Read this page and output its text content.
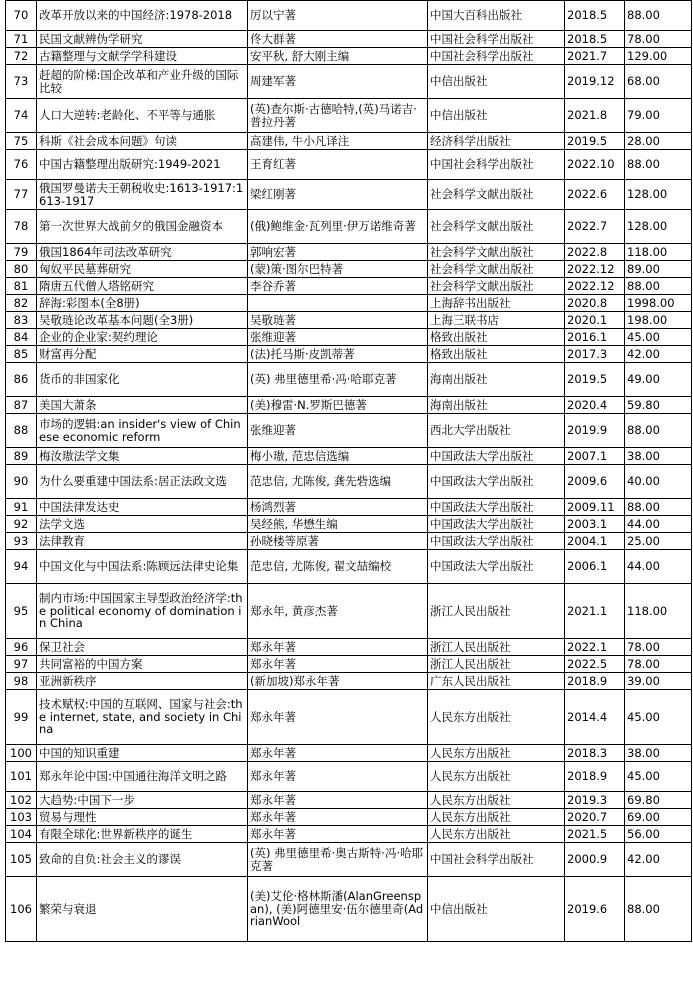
70	改革开放以来的中国经济:1978-2018	厉以宁著	中国大百科出版社	2018.5	88.00
71	民国文献辨伪学研究	佟大群著	中国社会科学出版社	2018.5	78.00
72	古籍整理与文献学学科建设	安平秋, 舒大刚主编	中国社会科学出版社	2021.7	129.00
73	赶超的阶梯:国企改革和产业升级的国际比较	周建军著	中信出版社	2019.12	68.00
74	人口大逆转:老龄化、不平等与通胀	(英)查尔斯·古德哈特,(英)马诺吉·普拉丹著	中信出版社	2021.8	79.00
75	科斯《社会成本问题》句读	高建伟, 牛小凡译注	经济科学出版社	2019.5	28.00
76	中国古籍整理出版研究:1949-2021	王育红著	中国社会科学出版社	2022.10	88.00
77	俄国罗曼诺夫王朝税收史:1613-1917:1613-1917	梁红刚著	社会科学文献出版社	2022.6	128.00
78	第一次世界大战前夕的俄国金融资本	(俄)鲍维金·瓦列里·伊万诺维奇著	社会科学文献出版社	2022.7	128.00
79	俄国1864年司法改革研究	郭响宏著	社会科学文献出版社	2022.8	118.00
80	匈奴平民墓葬研究	(蒙)策·图尔巴特著	社会科学文献出版社	2022.12	89.00
81	隋唐五代僧人塔铭研究	李谷乔著	社会科学文献出版社	2022.12	88.00
82	辞海:彩图本(全8册)		上海辞书出版社	2020.8	1998.00
83	吴敬琏论改革基本问题(全3册)	吴敬琏著	上海三联书店	2020.1	198.00
84	企业的企业家:契约理论	张维迎著	格致出版社	2016.1	45.00
85	财富再分配	(法)托马斯·皮凯蒂著	格致出版社	2017.3	42.00
86	货币的非国家化	(英) 弗里德里希·冯·哈耶克著	海南出版社	2019.5	49.00
87	美国大萧条	(美)穆雷·N.罗斯巴德著	海南出版社	2020.4	59.80
88	市场的逻辑:an insider's view of Chinese economic reform	张维迎著	西北大学出版社	2019.9	88.00
89	梅汝璈法学文集	梅小璈, 范忠信选编	中国政法大学出版社	2007.1	38.00
90	为什么要重建中国法系:居正法政文选	范忠信, 尤陈俊, 龚先砦选编	中国政法大学出版社	2009.6	40.00
91	中国法律发达史	杨鸿烈著	中国政法大学出版社	2009.11	88.00
92	法学文选	吴经熊, 华懋生编	中国政法大学出版社	2003.1	44.00
93	法律教育	孙晓楼等原著	中国政法大学出版社	2004.1	25.00
94	中国文化与中国法系:陈顾远法律史论集	范忠信, 尤陈俊, 翟文喆编校	中国政法大学出版社	2006.1	44.00
95	制内市场:中国国家主导型政治经济学:the political economy of domination in China	郑永年, 黄彦杰著	浙江人民出版社	2021.1	118.00
96	保卫社会	郑永年著	浙江人民出版社	2022.1	78.00
97	共同富裕的中国方案	郑永年著	浙江人民出版社	2022.5	78.00
98	亚洲新秩序	(新加坡)郑永年著	广东人民出版社	2018.9	39.00
99	技术赋权:中国的互联网、国家与社会:the internet, state, and society in China	郑永年著	人民东方出版社	2014.4	45.00
100	中国的知识重建	郑永年著	人民东方出版社	2018.3	38.00
101	郑永年论中国:中国通往海洋文明之路	郑永年著	人民东方出版社	2018.9	45.00
102	大趋势:中国下一步	郑永年著	人民东方出版社	2019.3	69.80
103	贸易与理性	郑永年著	人民东方出版社	2020.7	69.00
104	有限全球化:世界新秩序的诞生	郑永年著	人民东方出版社	2021.5	56.00
105	致命的自负:社会主义的谬误	(英) 弗里德里希·奥古斯特·冯·哈耶克著	中国社会科学出版社	2000.9	42.00
106	繁荣与衰退	(美)艾伦·格林斯潘(AlanGreenspan), (美)阿德里安·伍尔德里奇(AdrianWool	中信出版社	2019.6	88.00
